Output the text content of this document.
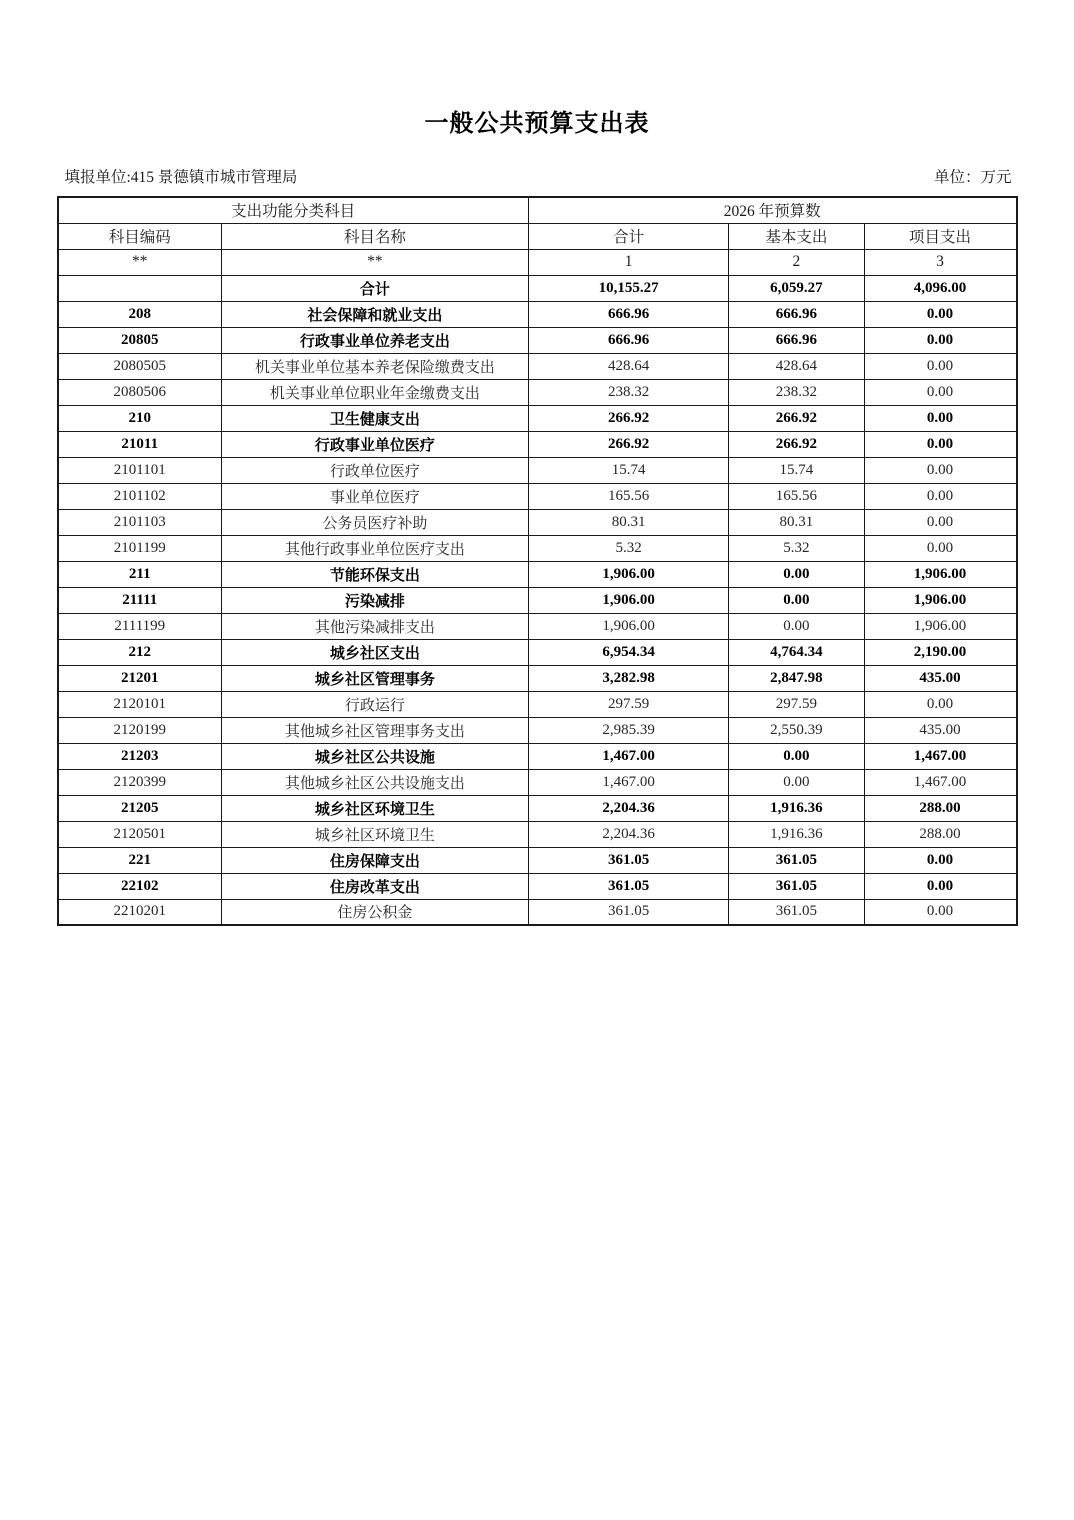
一般公共预算支出表
填报单位:415 景德镇市城市管理局	单位：万元
支出功能分类科目		2026 年预算数		
科目编码	科目名称	合计	基本支出	项目支出
**	**	1	2	3
	合计	10,155.27	6,059.27	4,096.00
208	社会保障和就业支出	666.96	666.96	0.00
20805	行政事业单位养老支出	666.96	666.96	0.00
2080505	机关事业单位基本养老保险缴费支出	428.64	428.64	0.00
2080506	机关事业单位职业年金缴费支出	238.32	238.32	0.00
210	卫生健康支出	266.92	266.92	0.00
21011	行政事业单位医疗	266.92	266.92	0.00
2101101	行政单位医疗	15.74	15.74	0.00
2101102	事业单位医疗	165.56	165.56	0.00
2101103	公务员医疗补助	80.31	80.31	0.00
2101199	其他行政事业单位医疗支出	5.32	5.32	0.00
211	节能环保支出	1,906.00	0.00	1,906.00
21111	污染减排	1,906.00	0.00	1,906.00
2111199	其他污染减排支出	1,906.00	0.00	1,906.00
212	城乡社区支出	6,954.34	4,764.34	2,190.00
21201	城乡社区管理事务	3,282.98	2,847.98	435.00
2120101	行政运行	297.59	297.59	0.00
2120199	其他城乡社区管理事务支出	2,985.39	2,550.39	435.00
21203	城乡社区公共设施	1,467.00	0.00	1,467.00
2120399	其他城乡社区公共设施支出	1,467.00	0.00	1,467.00
21205	城乡社区环境卫生	2,204.36	1,916.36	288.00
2120501	城乡社区环境卫生	2,204.36	1,916.36	288.00
221	住房保障支出	361.05	361.05	0.00
22102	住房改革支出	361.05	361.05	0.00
2210201	住房公积金	361.05	361.05	0.00
